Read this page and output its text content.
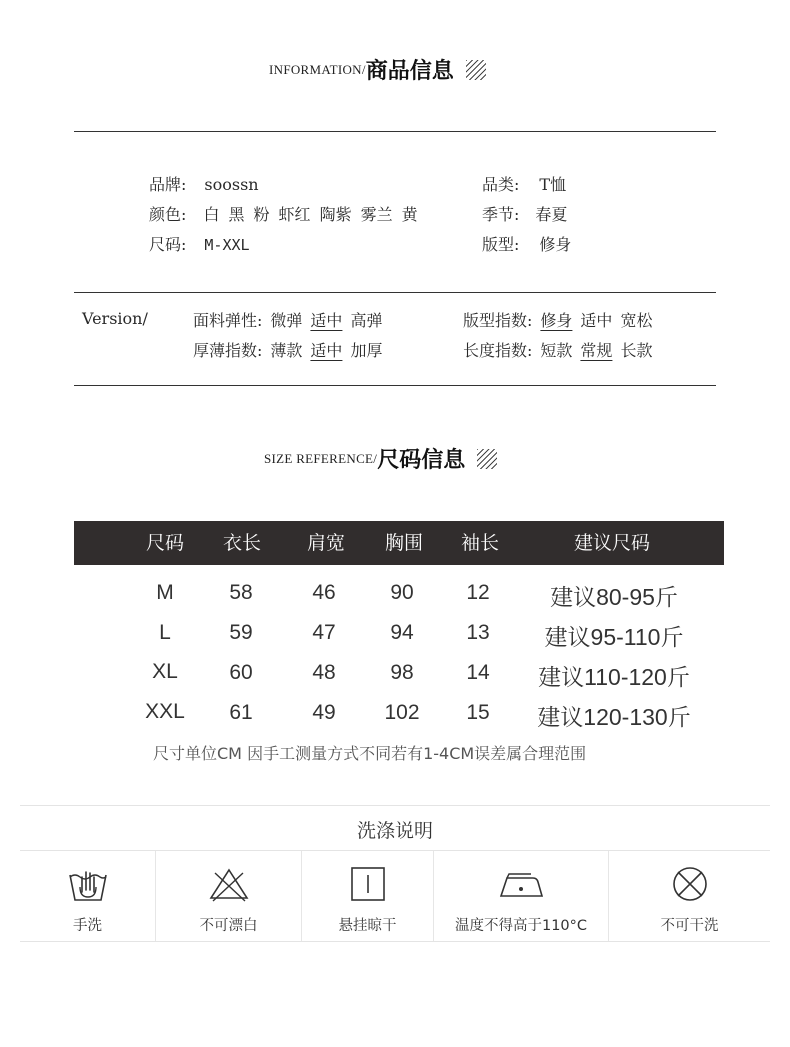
INFORMATION/ 商品信息
品牌: soossn	品类: T恤
颜色: 白 黑 粉 虾红 陶紫 雾兰 黄	季节: 春夏
尺码: M-XXL	版型: 修身
Version/	面料弹性: 微弹 适中 高弹	版型指数: 修身 适中 宽松
厚薄指数: 薄款 适中 加厚	长度指数: 短款 常规 长款
SIZE REFERENCE/ 尺码信息
尺码 衣长 肩宽 胸围 袖长	建议尺码
M	58	46	90	12	建议80-95斤
L	59	47	94	13 建议95-110斤
XL 60	48	98	14 建议110-120斤
XXL 61	49 102 15 建议120-130斤
尺寸单位CM 因手工测量方式不同若有1-4CM误差属合理范围
洗涤说明
手洗	不可漂白	悬挂晾干	温度不得高于110°C	不可干洗
